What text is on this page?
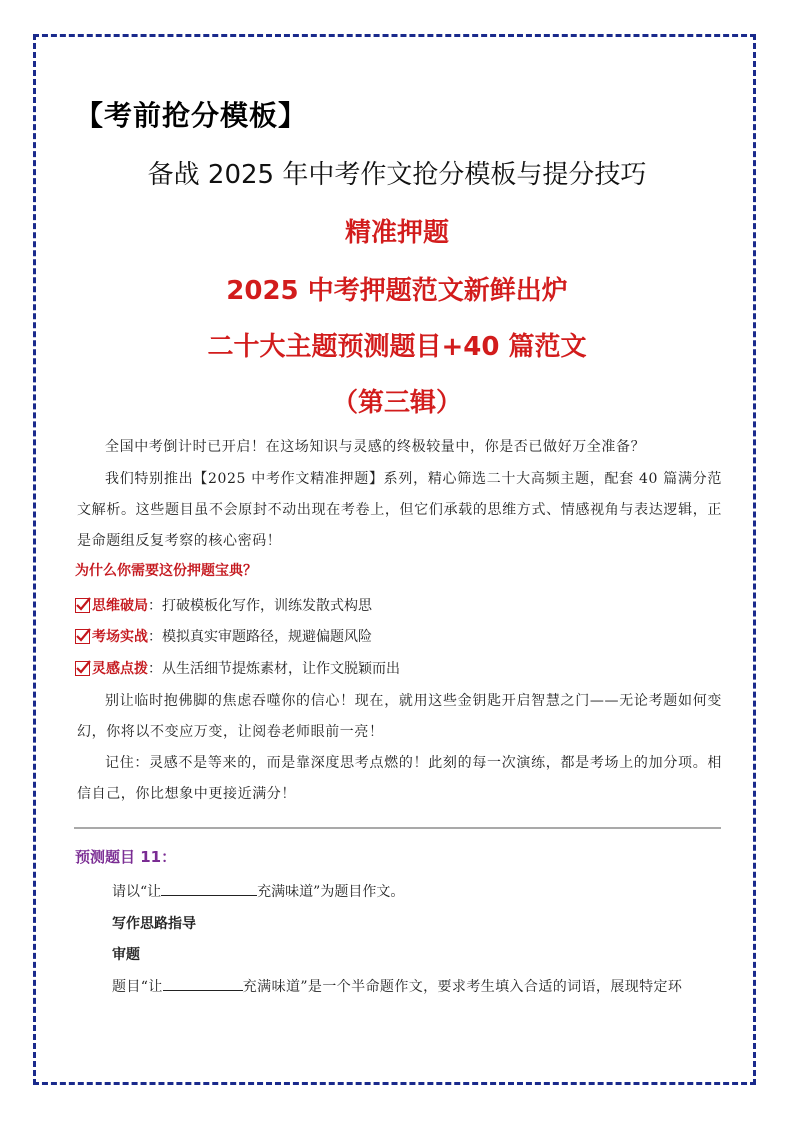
【考前抢分模板】
备战 2025 年中考作文抢分模板与提分技巧
精准押题
2025 中考押题范文新鲜出炉
二十大主题预测题目+40 篇范文
（第三辑）
全国中考倒计时已开启！在这场知识与灵感的终极较量中，你是否已做好万全准备？
我们特别推出【2025 中考作文精准押题】系列，精心筛选二十大高频主题，配套 40 篇满分范文解析。这些题目虽不会原封不动出现在考卷上，但它们承载的思维方式、情感视角与表达逻辑，正是命题组反复考察的核心密码！
为什么你需要这份押题宝典？
思维破局 ： 打破模板化写作，训练发散式构思
考场实战 ： 模拟真实审题路径，规避偏题风险
灵感点拨 ： 从生活细节提炼素材，让作文脱颖而出
别让临时抱佛脚的焦虑吞噬你的信心！现在，就用这些金钥匙开启智慧之门——无论考题如何变幻，你将以不变应万变，让阅卷老师眼前一亮！
记住：灵感不是等来的，而是靠深度思考点燃的！此刻的每一次演练，都是考场上的加分项。相信自己，你比想象中更接近满分！
预测题目 11：
请以“让	充满味道”为题目作文。
写作思路指导
审题
题目“让	充满味道”是一个半命题作文，要求考生填入合适的词语，展现特定环
